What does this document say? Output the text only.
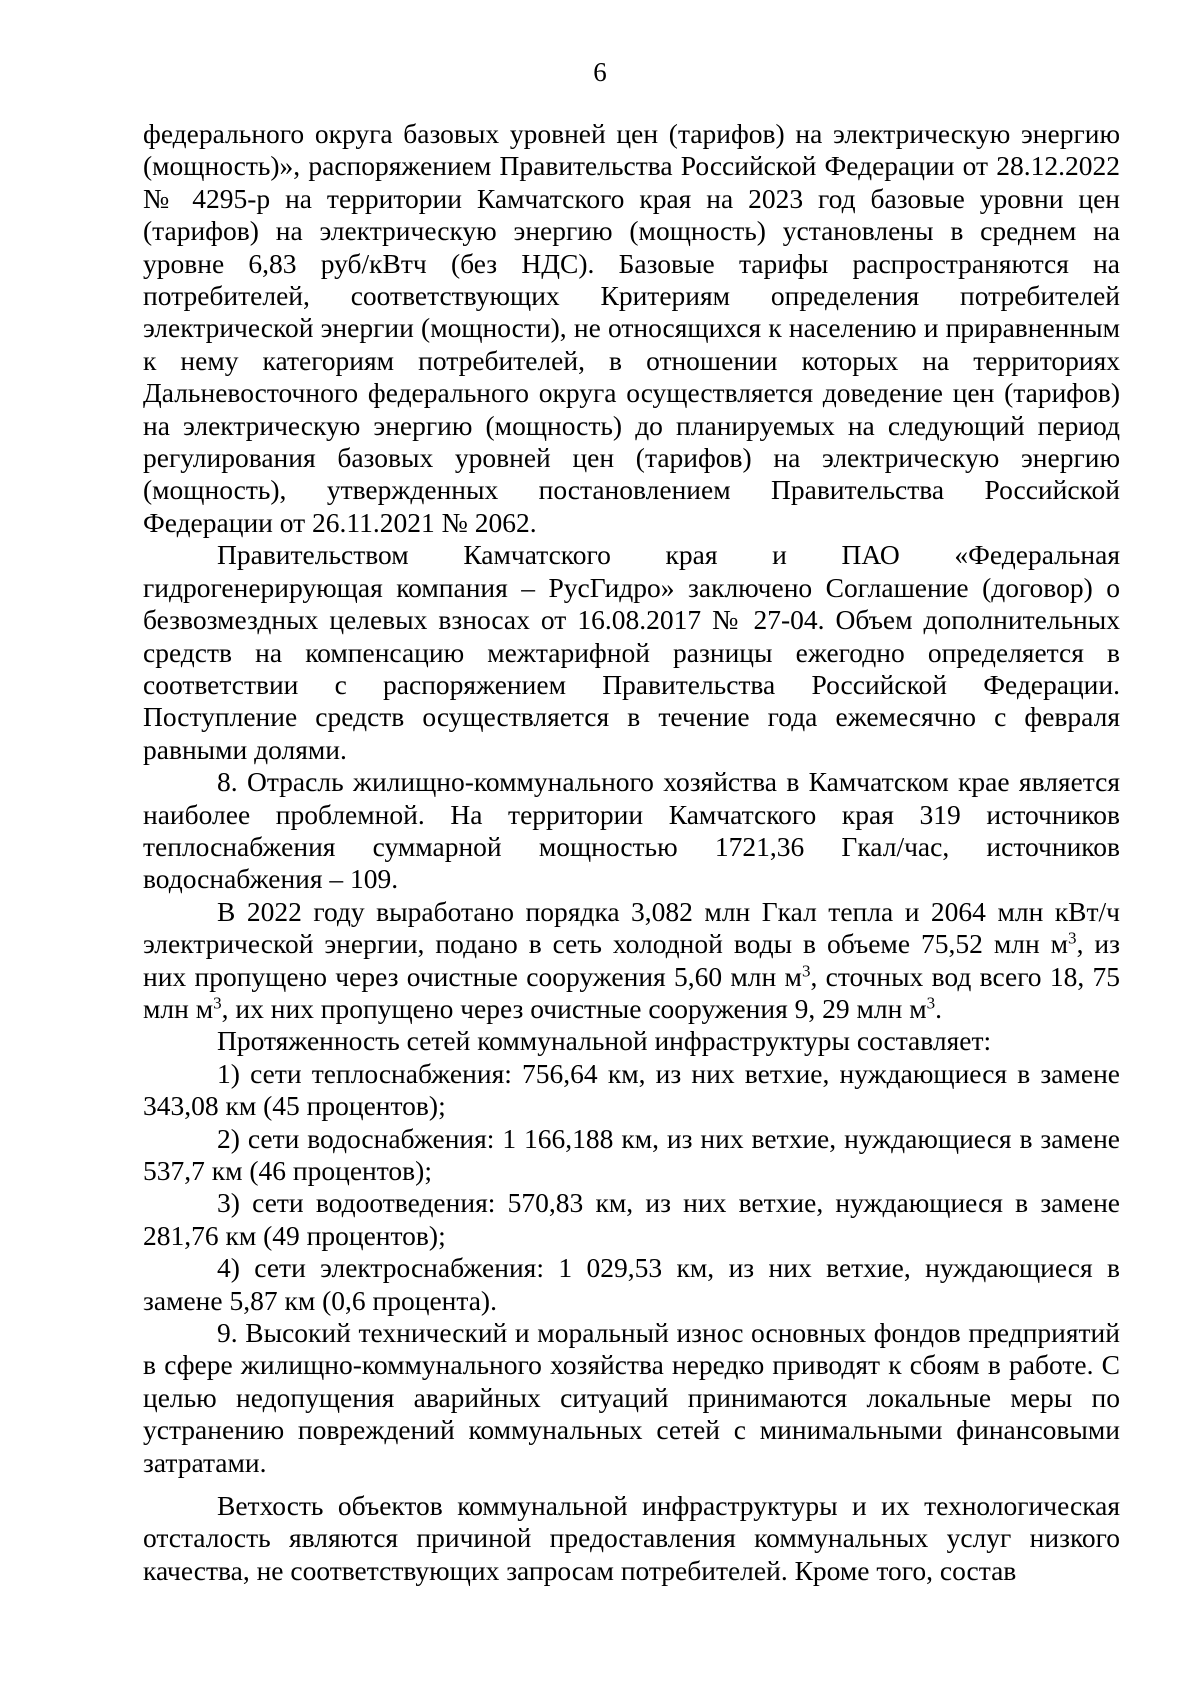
6

федерального округа базовых уровней цен (тарифов) на электрическую энергию (мощность)», распоряжением Правительства Российской Федерации от 28.12.2022 № 4295-р на территории Камчатского края на 2023 год базовые уровни цен (тарифов) на электрическую энергию (мощность) установлены в среднем на уровне 6,83 руб/кВтч (без НДС). Базовые тарифы распространяются на потребителей, соответствующих Критериям определения потребителей электрической энергии (мощности), не относящихся к населению и приравненным к нему категориям потребителей, в отношении которых на территориях Дальневосточного федерального округа осуществляется доведение цен (тарифов) на электрическую энергию (мощность) до планируемых на следующий период регулирования базовых уровней цен (тарифов) на электрическую энергию (мощность), утвержденных постановлением Правительства Российской Федерации от 26.11.2021 № 2062.

Правительством Камчатского края и ПАО «Федеральная гидрогенерирующая компания – РусГидро» заключено Соглашение (договор) о безвозмездных целевых взносах от 16.08.2017 № 27-04. Объем дополнительных средств на компенсацию межтарифной разницы ежегодно определяется в соответствии с распоряжением Правительства Российской Федерации. Поступление средств осуществляется в течение года ежемесячно с февраля равными долями.

8. Отрасль жилищно-коммунального хозяйства в Камчатском крае является наиболее проблемной. На территории Камчатского края 319 источников теплоснабжения суммарной мощностью 1721,36 Гкал/час, источников водоснабжения – 109.

В 2022 году выработано порядка 3,082 млн Гкал тепла и 2064 млн кВт/ч электрической энергии, подано в сеть холодной воды в объеме 75,52 млн $м^3$, из них пропущено через очистные сооружения 5,60 млн $м^3$, сточных вод всего 18, 75 млн $м^3$, их них пропущено через очистные сооружения 9, 29 млн $м^3$.

Протяженность сетей коммунальной инфраструктуры составляет:

1) сети теплоснабжения: 756,64 км, из них ветхие, нуждающиеся в замене 343,08 км (45 процентов);

2) сети водоснабжения: 1 166,188 км, из них ветхие, нуждающиеся в замене 537,7 км (46 процентов);

3) сети водоотведения: 570,83 км, из них ветхие, нуждающиеся в замене 281,76 км (49 процентов);

4) сети электроснабжения: 1 029,53 км, из них ветхие, нуждающиеся в замене 5,87 км (0,6 процента).

9. Высокий технический и моральный износ основных фондов предприятий в сфере жилищно-коммунального хозяйства нередко приводят к сбоям в работе. С целью недопущения аварийных ситуаций принимаются локальные меры по устранению повреждений коммунальных сетей с минимальными финансовыми затратами.

Ветхость объектов коммунальной инфраструктуры и их технологическая отсталость являются причиной предоставления коммунальных услуг низкого качества, не соответствующих запросам потребителей. Кроме того, состав
